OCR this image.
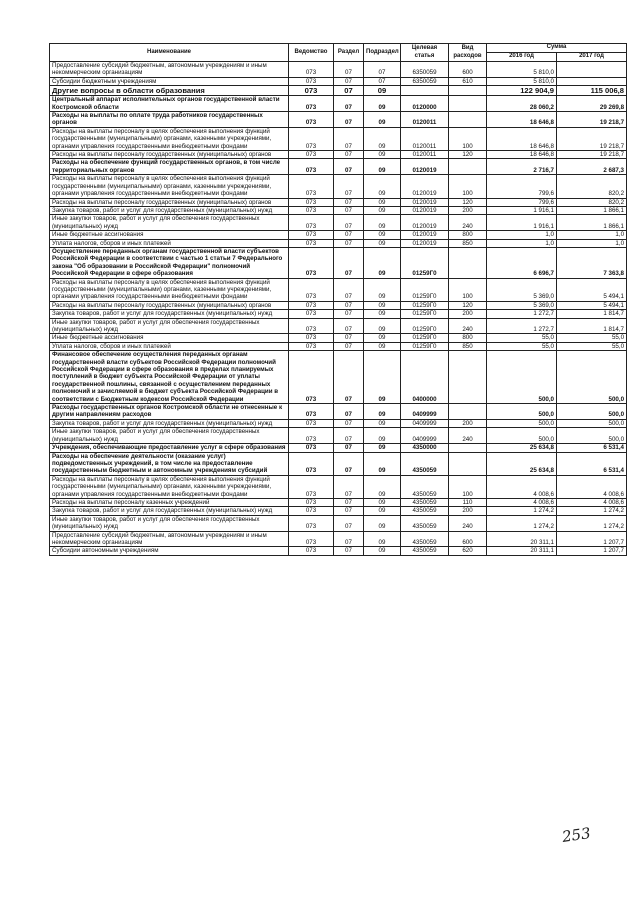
Наименование	Ведомство	Раздел	Подраздел	Целевая статья	Вид расходов	Сумма	
						2016 год	2017 год
Предоставление субсидий бюджетным, автономным учреждениям и иным некоммерческим организациям	073	07	07	6350059	600	5 810,0	
Субсидии бюджетным учреждениям	073	07	07	6350059	610	5 810,0	
Другие вопросы в области образования	073	07	09			122 904,9	115 006,8
Центральный аппарат исполнительных органов государственной власти Костромской области	073	07	09	0120000		28 060,2	29 269,8
Расходы на выплаты по оплате труда работников государственных органов	073	07	09	0120011		18 646,8	19 218,7
Расходы на выплаты персоналу в целях обеспечения выполнения функций государственными (муниципальными) органами, казенными учреждениями, органами управления государственными внебюджетными фондами	073	07	09	0120011	100	18 646,8	19 218,7
Расходы на выплаты персоналу государственных (муниципальных) органов	073	07	09	0120011	120	18 646,8	19 218,7
Расходы на обеспечение функций государственных органов, в том числе территориальных органов	073	07	09	0120019		2 716,7	2 687,3
Расходы на выплаты персоналу в целях обеспечения выполнения функций государственными (муниципальными) органами, казенными учреждениями, органами управления государственными внебюджетными фондами	073	07	09	0120019	100	799,6	820,2
Расходы на выплаты персоналу государственных (муниципальных) органов	073	07	09	0120019	120	799,6	820,2
Закупка товаров, работ и услуг для государственных (муниципальных) нужд	073	07	09	0120019	200	1 916,1	1 866,1
Иные закупки товаров, работ и услуг для обеспечения государственных (муниципальных) нужд	073	07	09	0120019	240	1 916,1	1 866,1
Иные бюджетные ассигнования	073	07	09	0120019	800	1,0	1,0
Уплата налогов, сборов и иных платежей	073	07	09	0120019	850	1,0	1,0
Осуществление переданных органам государственной власти субъектов Российской Федерации в соответствии с частью 1 статьи 7 Федерального закона "Об образовании в Российской Федерации" полномочий Российской Федерации в сфере образования	073	07	09	01259Г0		6 696,7	7 363,8
Расходы на выплаты персоналу в целях обеспечения выполнения функций государственными (муниципальными) органами, казенными учреждениями, органами управления государственными внебюджетными фондами	073	07	09	01259Г0	100	5 369,0	5 494,1
Расходы на выплаты персоналу государственных (муниципальных) органов	073	07	09	01259Г0	120	5 369,0	5 494,1
Закупка товаров, работ и услуг для государственных (муниципальных) нужд	073	07	09	01259Г0	200	1 272,7	1 814,7
Иные закупки товаров, работ и услуг для обеспечения государственных (муниципальных) нужд	073	07	09	01259Г0	240	1 272,7	1 814,7
Иные бюджетные ассигнования	073	07	09	01259Г0	800	55,0	55,0
Уплата налогов, сборов и иных платежей	073	07	09	01259Г0	850	55,0	55,0
Финансовое обеспечение осуществления переданных органам государственной власти субъектов Российской Федерации полномочий Российской Федерации в сфере образования в пределах планируемых поступлений в бюджет субъекта Российской Федерации от уплаты государственной пошлины, связанной с осуществлением переданных полномочий и зачисляемой в бюджет субъекта Российской Федерации в соответствии с Бюджетным кодексом Российской Федерации	073	07	09	0400000		500,0	500,0
Расходы государственных органов Костромской области не отнесенные к другим направлениям расходов	073	07	09	0409999		500,0	500,0
Закупка товаров, работ и услуг для государственных (муниципальных) нужд	073	07	09	0409999	200	500,0	500,0
Иные закупки товаров, работ и услуг для обеспечения государственных (муниципальных) нужд	073	07	09	0409999	240	500,0	500,0
Учреждения, обеспечивающие предоставление услуг в сфере образования	073	07	09	4350000		25 634,8	6 531,4
Расходы на обеспечение деятельности (оказание услуг) подведомственных учреждений, в том числе на предоставление государственным бюджетным и автономным учреждениям субсидий	073	07	09	4350059		25 634,8	6 531,4
Расходы на выплаты персоналу в целях обеспечения выполнения функций государственными (муниципальными) органами, казенными учреждениями, органами управления государственными внебюджетными фондами	073	07	09	4350059	100	4 008,6	4 008,6
Расходы на выплаты персоналу казенных учреждений	073	07	09	4350059	110	4 008,6	4 008,6
Закупка товаров, работ и услуг для государственных (муниципальных) нужд	073	07	09	4350059	200	1 274,2	1 274,2
Иные закупки товаров, работ и услуг для обеспечения государственных (муниципальных) нужд	073	07	09	4350059	240	1 274,2	1 274,2
Предоставление субсидий бюджетным, автономным учреждениям и иным некоммерческим организациям	073	07	09	4350059	600	20 311,1	1 207,7
Субсидии автономным учреждениям	073	07	09	4350059	620	20 311,1	1 207,7
253
